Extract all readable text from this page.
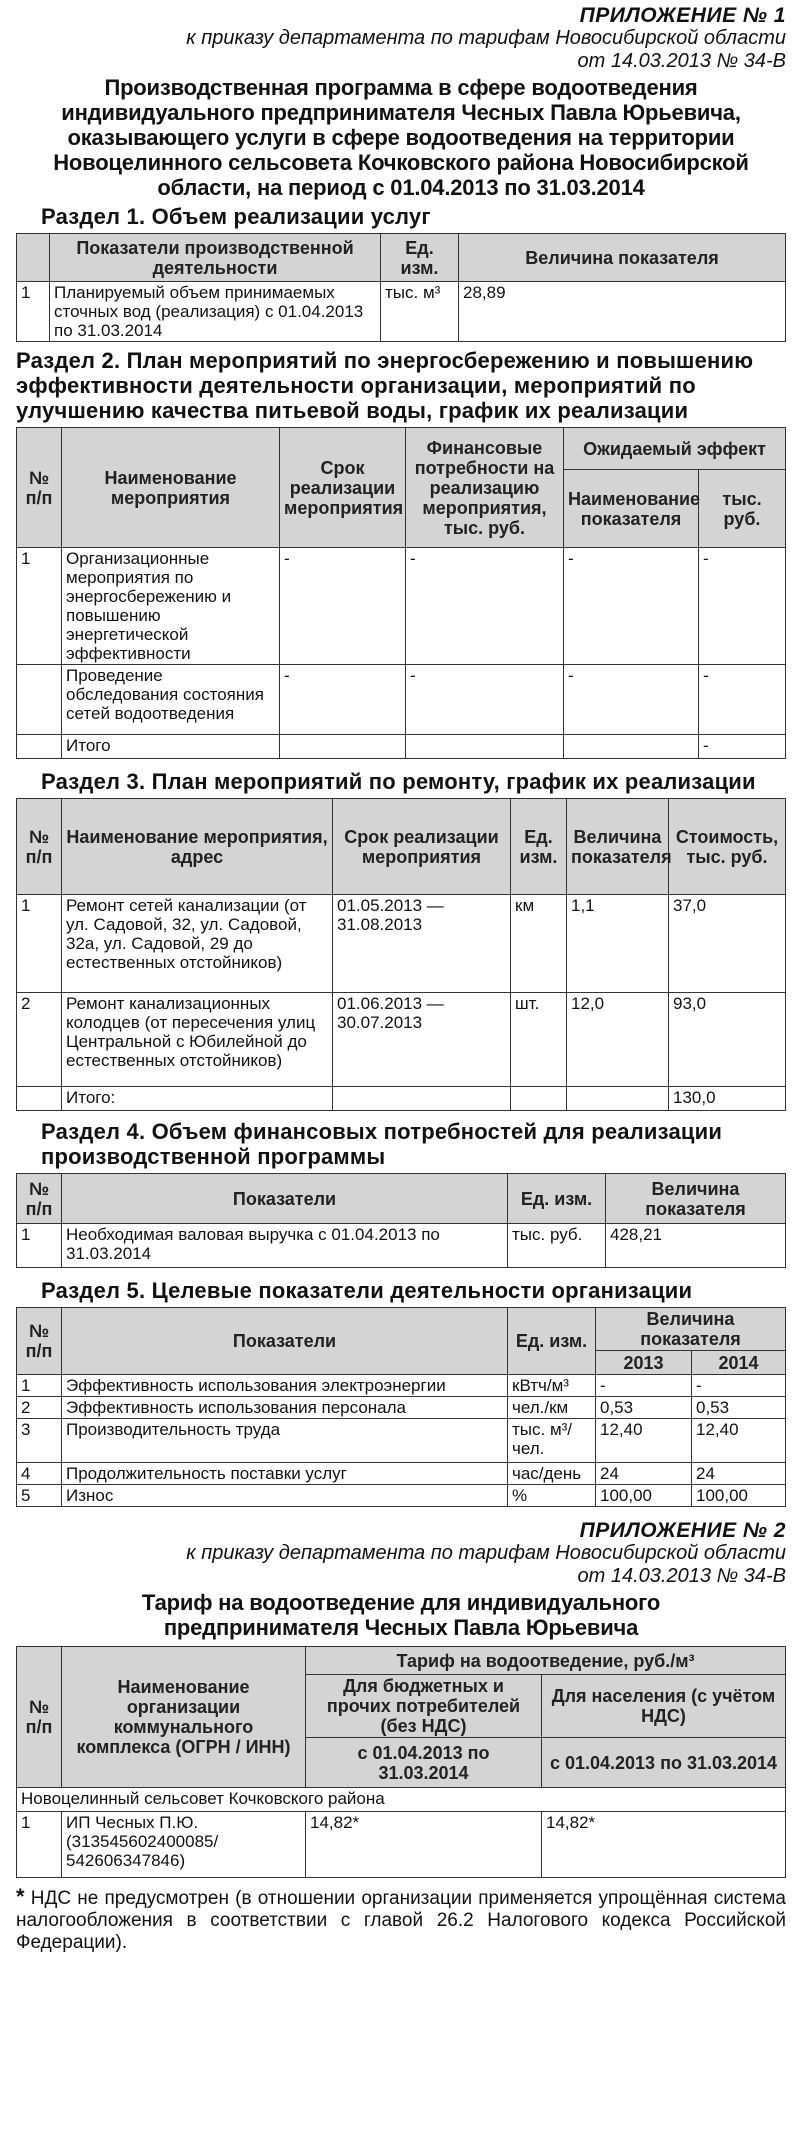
ПРИЛОЖЕНИЕ № 1
к приказу департамента по тарифам Новосибирской области
от 14.03.2013 № 34-В
Производственная программа в сфере водоотведения индивидуального предпринимателя Чесных Павла Юрьевича, оказывающего услуги в сфере водоотведения на территории Новоцелинного сельсовета Кочковского района Новосибирской области, на период с 01.04.2013 по 31.03.2014
Раздел 1. Объем реализации услуг
	Показатели производственной деятельности	Ед. изм.	Величина показателя
1	Планируемый объем принимаемых сточных вод (реализация) с 01.04.2013 по 31.03.2014	тыс. м³	28,89
Раздел 2. План мероприятий по энергосбережению и повышению эффективности деятельности организации, мероприятий по улучшению качества питьевой воды, график их реализации
№ п/п	Наименование мероприятия	Срок реализации мероприятия	Финансовые потребности на реализацию мероприятия, тыс. руб.	Ожидаемый эффект	
				Наименование показателя	тыс. руб.
1	Организационные мероприятия по энергосбережению и повышению энергетической эффективности	-	-	-	-
	Проведение обследования состояния сетей водоотведения	-	-	-	-
	Итого				-
Раздел 3. План мероприятий по ремонту, график их реализации
№ п/п	Наименование мероприятия, адрес	Срок реализации мероприятия	Ед. изм.	Величина показателя	Стоимость, тыс. руб.
1	Ремонт сетей канализации (от ул. Садовой, 32, ул. Садовой, 32а, ул. Садовой, 29 до естественных отстойников)	01.05.2013 — 31.08.2013	км	1,1	37,0
2	Ремонт канализационных колодцев (от пересечения улиц Центральной с Юбилейной до естественных отстойников)	01.06.2013 — 30.07.2013	шт.	12,0	93,0
	Итого:				130,0
Раздел 4. Объем финансовых потребностей для реализации производственной программы
№ п/п	Показатели	Ед. изм.	Величина показателя
1	Необходимая валовая выручка с 01.04.2013 по 31.03.2014	тыс. руб.	428,21
Раздел 5. Целевые показатели деятельности организации
№ п/п	Показатели	Ед. изм.	Величина показателя	
			2013	2014
1	Эффективность использования электроэнергии	кВтч/м³	-	-
2	Эффективность использования персонала	чел./км	0,53	0,53
3	Производительность труда	тыс. м³/чел.	12,40	12,40
4	Продолжительность поставки услуг	час/день	24	24
5	Износ	%	100,00	100,00
ПРИЛОЖЕНИЕ № 2
к приказу департамента по тарифам Новосибирской области
от 14.03.2013 № 34-В
Тариф на водоотведение для индивидуального предпринимателя Чесных Павла Юрьевича
№ п/п	Наименование организации коммунального комплекса (ОГРН / ИНН)	Тариф на водоотведение, руб./м³	
		Для бюджетных и прочих потребителей (без НДС)	Для населения (с учётом НДС)
		с 01.04.2013 по 31.03.2014	с 01.04.2013 по 31.03.2014
Новоцелинный сельсовет Кочковского района			
1	ИП Чесных П.Ю. (313545602400085/ 542606347846)	14,82*	14,82*
* НДС не предусмотрен (в отношении организации применяется упрощённая система налогообложения в соответствии с главой 26.2 Налогового кодекса Российской Федерации).
